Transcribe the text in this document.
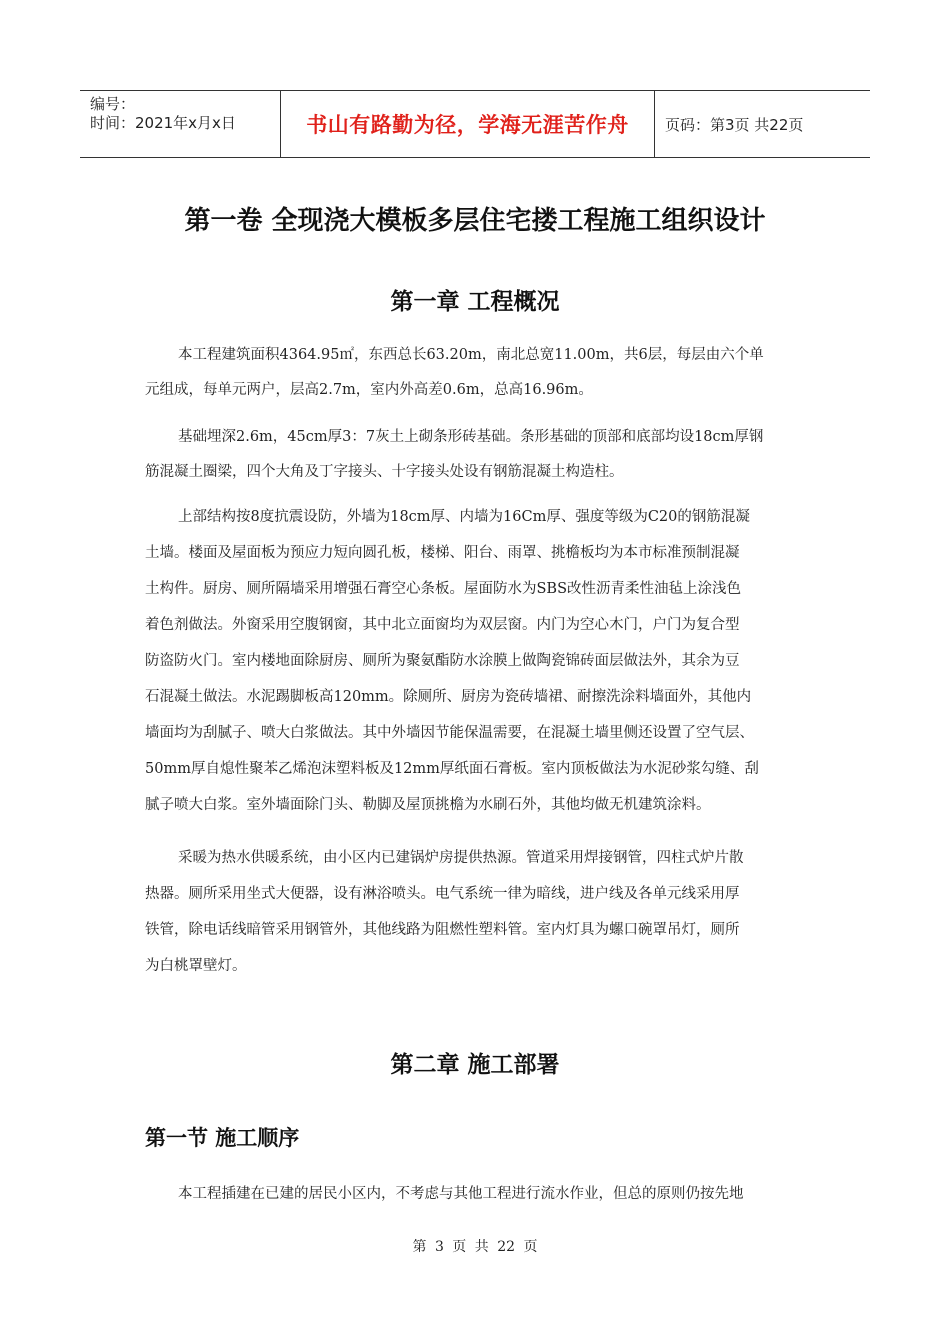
编号：
时间：2021年x月x日	书山有路勤为径，学海无涯苦作舟	页码：第3页 共22页
第一卷 全现浇大模板多层住宅搂工程施工组织设计
第一章 工程概况
本工程建筑面积4364.95㎡，东西总长63.20m，南北总宽11.00m，共6层，每层由六个单
元组成，每单元两户，层高2.7m，室内外高差0.6m，总高16.96m。
基础埋深2.6m，45cm厚3：7灰土上砌条形砖基础。条形基础的顶部和底部均设18cm厚钢
筋混凝土圈梁，四个大角及丁字接头、十字接头处设有钢筋混凝土构造柱。
上部结构按8度抗震设防，外墙为18cm厚、内墙为16Cm厚、强度等级为C20的钢筋混凝
土墙。楼面及屋面板为预应力短向圆孔板，楼梯、阳台、雨罩、挑檐板均为本市标准预制混凝
土构件。厨房、厕所隔墙采用增强石膏空心条板。屋面防水为SBS改性沥青柔性油毡上涂浅色
着色剂做法。外窗采用空腹钢窗，其中北立面窗均为双层窗。内门为空心木门，户门为复合型
防盗防火门。室内楼地面除厨房、厕所为聚氨酯防水涂膜上做陶瓷锦砖面层做法外，其余为豆
石混凝土做法。水泥踢脚板高120mm。除厕所、厨房为瓷砖墙裙、耐擦洗涂料墙面外，其他内
墙面均为刮腻子、喷大白浆做法。其中外墙因节能保温需要，在混凝土墙里侧还设置了空气层、
50mm厚自熄性聚苯乙烯泡沫塑料板及12mm厚纸面石膏板。室内顶板做法为水泥砂浆勾缝、刮
腻子喷大白浆。室外墙面除门头、勒脚及屋顶挑檐为水刷石外，其他均做无机建筑涂料。
采暖为热水供暖系统，由小区内已建锅炉房提供热源。管道采用焊接钢管，四柱式炉片散
热器。厕所采用坐式大便器，设有淋浴喷头。电气系统一律为暗线，进户线及各单元线采用厚
铁管，除电话线暗管采用钢管外，其他线路为阻燃性塑料管。室内灯具为螺口碗罩吊灯，厕所
为白桃罩壁灯。
第二章 施工部署
第一节 施工顺序
本工程插建在已建的居民小区内，不考虑与其他工程进行流水作业，但总的原则仍按先地
第 3 页 共 22 页
